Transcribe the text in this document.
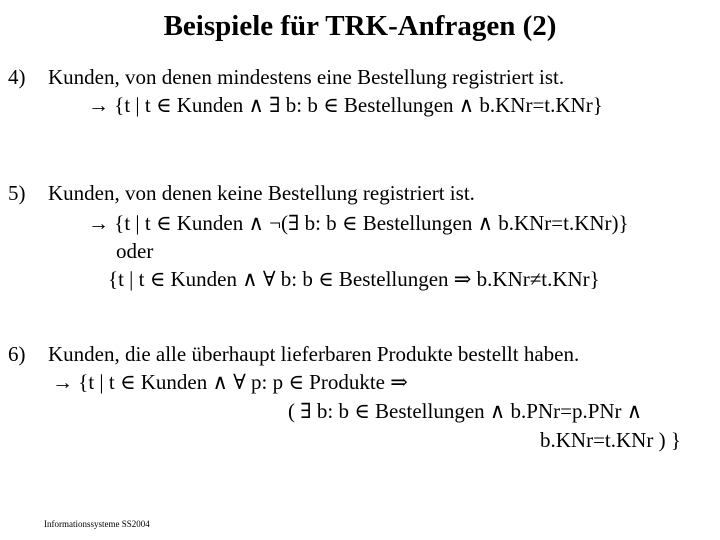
Beispiele für TRK-Anfragen (2)
4) Kunden, von denen mindestens eine Bestellung registriert ist.
→ {t | t ∈ Kunden ∧ ∃ b: b ∈ Bestellungen ∧ b.KNr=t.KNr}
5) Kunden, von denen keine Bestellung registriert ist.
→ {t | t ∈ Kunden ∧ ¬(∃ b: b ∈ Bestellungen ∧ b.KNr=t.KNr)}
oder
{t | t ∈ Kunden ∧ ∀ b: b ∈ Bestellungen ⇒ b.KNr≠t.KNr}
6) Kunden, die alle überhaupt lieferbaren Produkte bestellt haben.
→ {t | t ∈ Kunden ∧ ∀ p: p ∈ Produkte ⇒
( ∃ b: b ∈ Bestellungen ∧ b.PNr=p.PNr ∧
b.KNr=t.KNr ) }
Informationssysteme SS2004
